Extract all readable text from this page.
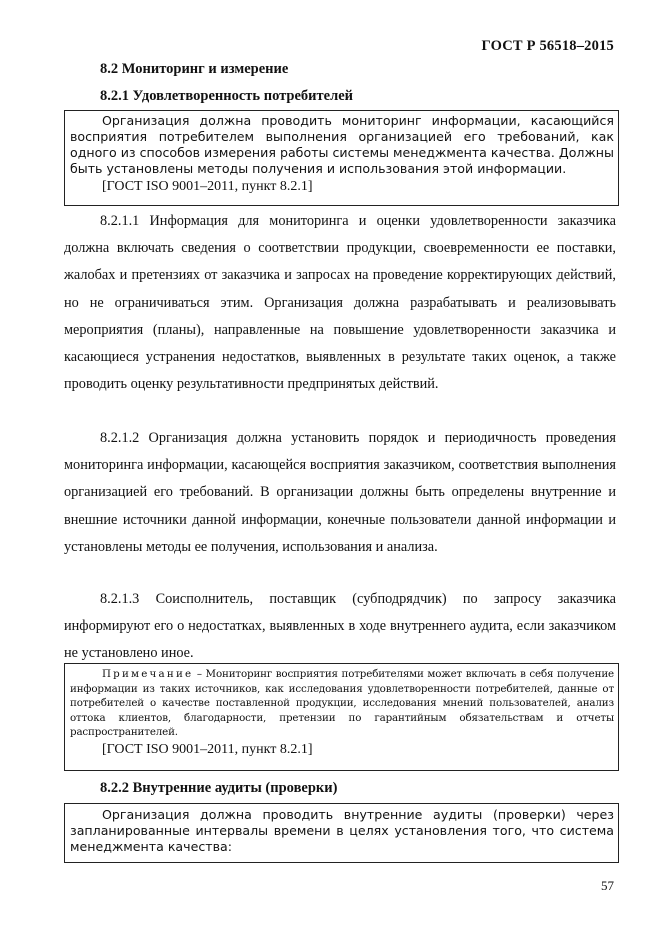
ГОСТ Р 56518–2015
8.2 Мониторинг и измерение
8.2.1 Удовлетворенность потребителей
Организация должна проводить мониторинг информации, касающийся восприятия потребителем выполнения организацией его требований, как одного из способов измерения работы системы менеджмента качества. Должны быть установлены методы получения и использования этой информации.
[ГОСТ ISO 9001–2011, пункт 8.2.1]
8.2.1.1 Информация для мониторинга и оценки удовлетворенности заказчика должна включать сведения о соответствии продукции, своевременности ее поставки, жалобах и претензиях от заказчика и запросах на проведение корректирующих действий, но не ограничиваться этим. Организация должна разрабатывать и реализовывать мероприятия (планы), направленные на повышение удовлетворенности заказчика и касающиеся устранения недостатков, выявленных в результате таких оценок, а также проводить оценку результативности предпринятых действий.
8.2.1.2 Организация должна установить порядок и периодичность проведения мониторинга информации, касающейся восприятия заказчиком, соответствия выполнения организацией его требований. В организации должны быть определены внутренние и внешние источники данной информации, конечные пользователи данной информации и установлены методы ее получения, использования и анализа.
8.2.1.3 Соисполнитель, поставщик (субподрядчик) по запросу заказчика информируют его о недостатках, выявленных в ходе внутреннего аудита, если заказчиком не установлено иное.
Примечание – Мониторинг восприятия потребителями может включать в себя получение информации из таких источников, как исследования удовлетворенности потребителей, данные от потребителей о качестве поставленной продукции, исследования мнений пользователей, анализ оттока клиентов, благодарности, претензии по гарантийным обязательствам и отчеты распространителей.
[ГОСТ ISO 9001–2011, пункт 8.2.1]
8.2.2 Внутренние аудиты (проверки)
Организация должна проводить внутренние аудиты (проверки) через запланированные интервалы времени в целях установления того, что система менеджмента качества:
57
